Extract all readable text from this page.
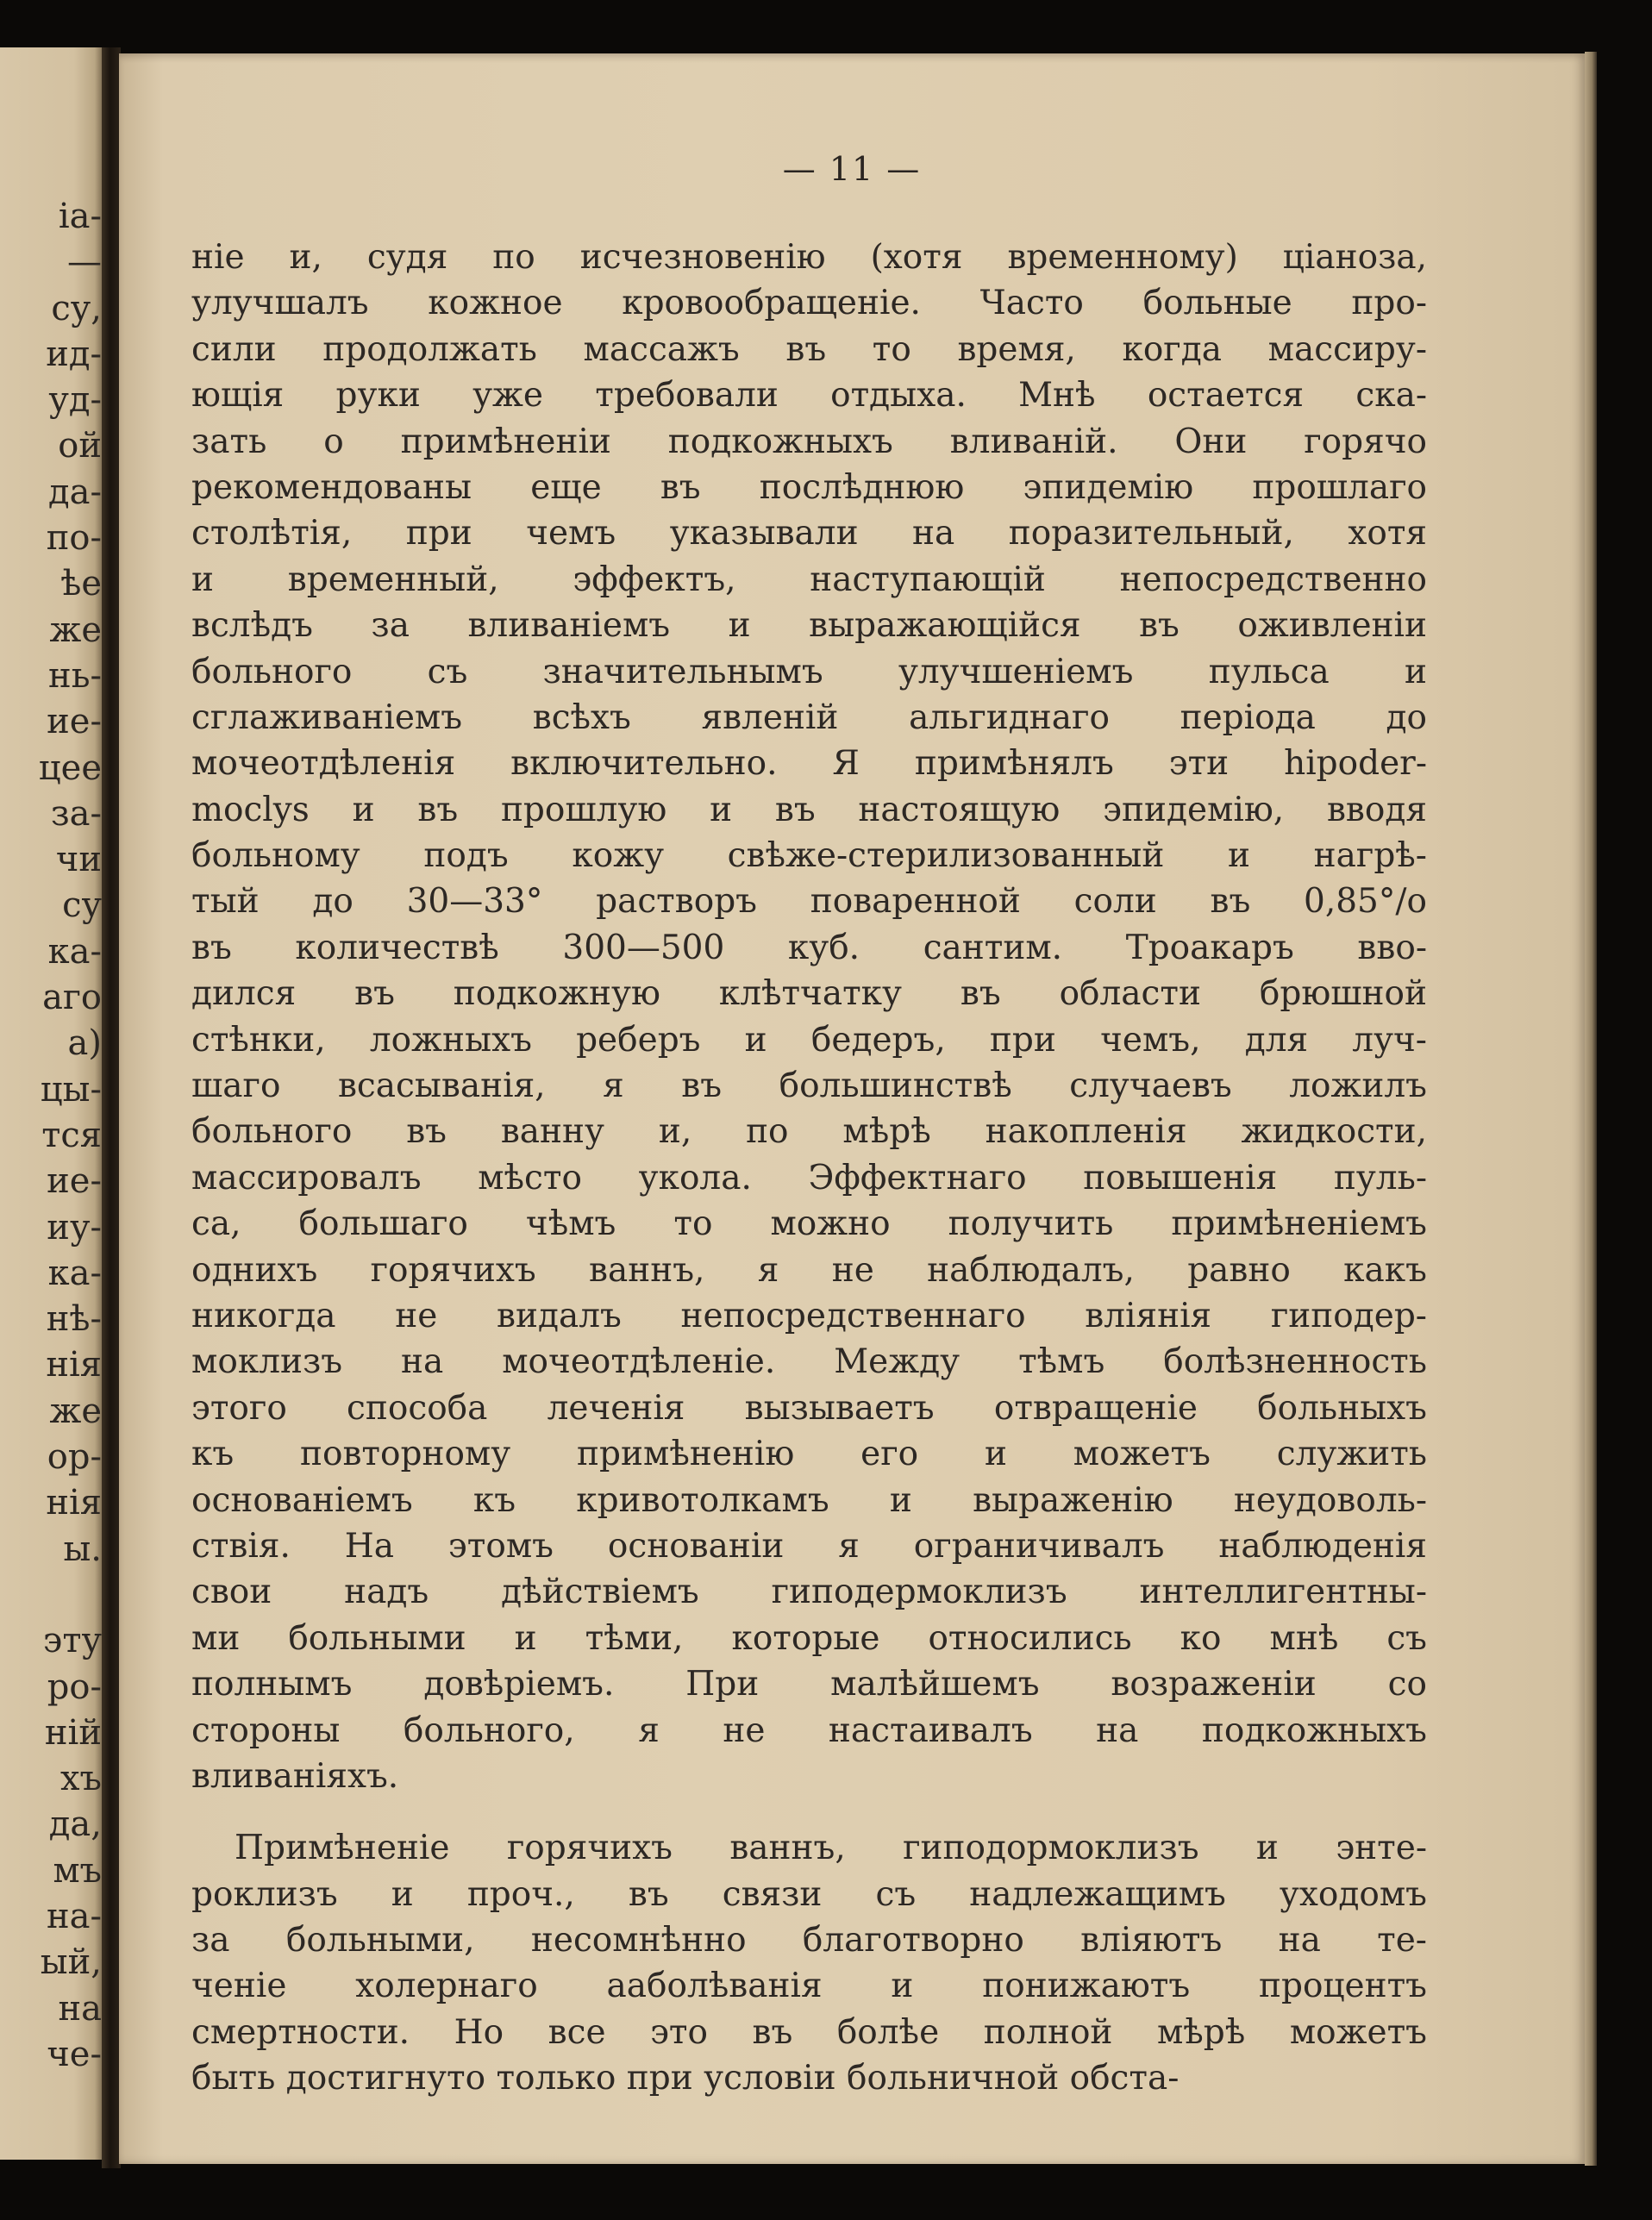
ia-
—
су,
ид-
уд-
ой
да-
по-
ѣе
же
нь-
ие-
цее
за-
чи
су
ка-
аго
а)
цы-
тся
ие-
иу-
ка-
нѣ-
нія
же
ор-
нія
ы.
эту
ро-
ній
хъ
да,
мъ
на-
ый,
на
че-
— 11 —
ніе и, судя по исчезновенію (хотя временному) ціаноза,
улучшалъ кожное кровообращеніе. Часто больные про-
сили продолжать массажъ въ то время, когда массиру-
ющія руки уже требовали отдыха. Мнѣ остается ска-
зать о примѣненіи подкожныхъ вливаній. Они горячо
рекомендованы еще въ послѣднюю эпидемію прошлаго
столѣтія, при чемъ указывали на поразительный, хотя
и временный, эффектъ, наступающій непосредственно
вслѣдъ за вливаніемъ и выражающійся въ оживленіи
больного съ значительнымъ улучшеніемъ пульса и
сглаживаніемъ всѣхъ явленій альгиднаго періода до
мочеотдѣленія включительно. Я примѣнялъ эти hipoder-
moclys и въ прошлую и въ настоящую эпидемію, вводя
больному подъ кожу свѣже-стерилизованный и нагрѣ-
тый до 30—33° растворъ поваренной соли въ 0,85°/o
въ количествѣ 300—500 куб. сантим. Троакаръ вво-
дился въ подкожную клѣтчатку въ области брюшной
стѣнки, ложныхъ реберъ и бедеръ, при чемъ, для луч-
шаго всасыванія, я въ большинствѣ случаевъ ложилъ
больного въ ванну и, по мѣрѣ накопленія жидкости,
массировалъ мѣсто укола. Эффектнаго повышенія пуль-
са, большаго чѣмъ то можно получить примѣненіемъ
однихъ горячихъ ваннъ, я не наблюдалъ, равно какъ
никогда не видалъ непосредственнаго вліянія гиподер-
моклизъ на мочеотдѣленіе. Между тѣмъ болѣзненность
этого способа леченія вызываетъ отвращеніе больныхъ
къ повторному примѣненію его и можетъ служить
основаніемъ къ кривотолкамъ и выраженію неудоволь-
ствія. На этомъ основаніи я ограничивалъ наблюденія
свои надъ дѣйствіемъ гиподермоклизъ интеллигентны-
ми больными и тѣми, которые относились ко мнѣ съ
полнымъ довѣріемъ. При малѣйшемъ возраженіи со
стороны больного, я не настаивалъ на подкожныхъ
вливаніяхъ.
Примѣненіе горячихъ ваннъ, гиподормоклизъ и энте-
роклизъ и проч., въ связи съ надлежащимъ уходомъ
за больными, несомнѣнно благотворно вліяютъ на те-
ченіе холернаго ааболѣванія и понижаютъ процентъ
смертности. Но все это въ болѣе полной мѣрѣ можетъ
быть достигнуто только при условіи больничной обста-
